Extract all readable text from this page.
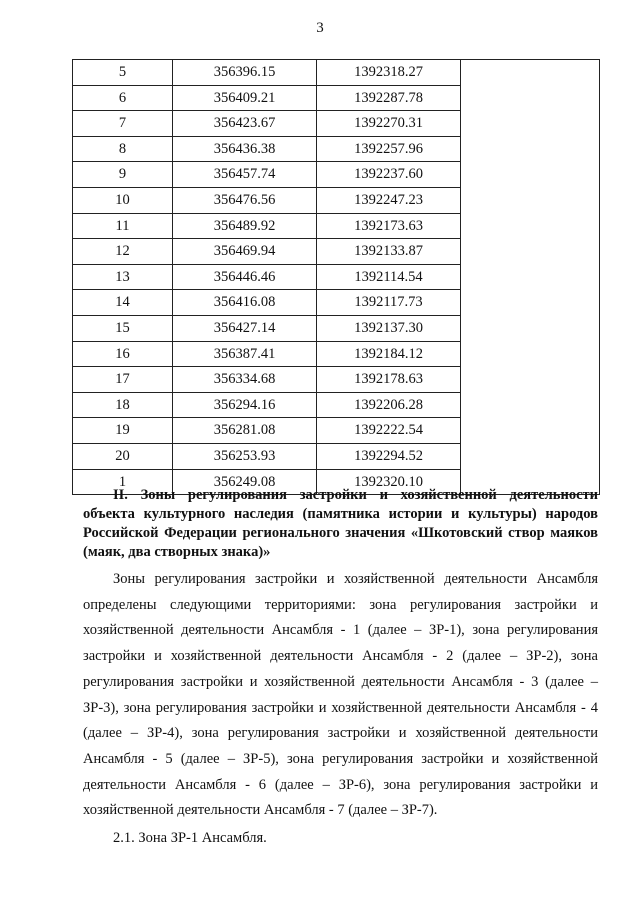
3
5	356396.15	1392318.27	
6	356409.21	1392287.78	
7	356423.67	1392270.31	
8	356436.38	1392257.96	
9	356457.74	1392237.60	
10	356476.56	1392247.23	
11	356489.92	1392173.63	
12	356469.94	1392133.87	
13	356446.46	1392114.54	
14	356416.08	1392117.73	
15	356427.14	1392137.30	
16	356387.41	1392184.12	
17	356334.68	1392178.63	
18	356294.16	1392206.28	
19	356281.08	1392222.54	
20	356253.93	1392294.52	
1	356249.08	1392320.10	
II. Зоны регулирования застройки и хозяйственной деятельности объекта культурного наследия (памятника истории и культуры) народов Российской Федерации регионального значения «Шкотовский створ маяков (маяк, два створных знака)»
Зоны регулирования застройки и хозяйственной деятельности Ансамбля определены следующими территориями: зона регулирования застройки и хозяйственной деятельности Ансамбля - 1 (далее – ЗР-1), зона регулирования застройки и хозяйственной деятельности Ансамбля - 2 (далее – ЗР-2), зона регулирования застройки и хозяйственной деятельности Ансамбля - 3 (далее – ЗР-3), зона регулирования застройки и хозяйственной деятельности Ансамбля - 4 (далее – ЗР-4), зона регулирования застройки и хозяйственной деятельности Ансамбля - 5 (далее – ЗР-5), зона регулирования застройки и хозяйственной деятельности Ансамбля - 6 (далее – ЗР-6), зона регулирования застройки и хозяйственной деятельности Ансамбля - 7 (далее – ЗР-7).
2.1. Зона ЗР-1 Ансамбля.
